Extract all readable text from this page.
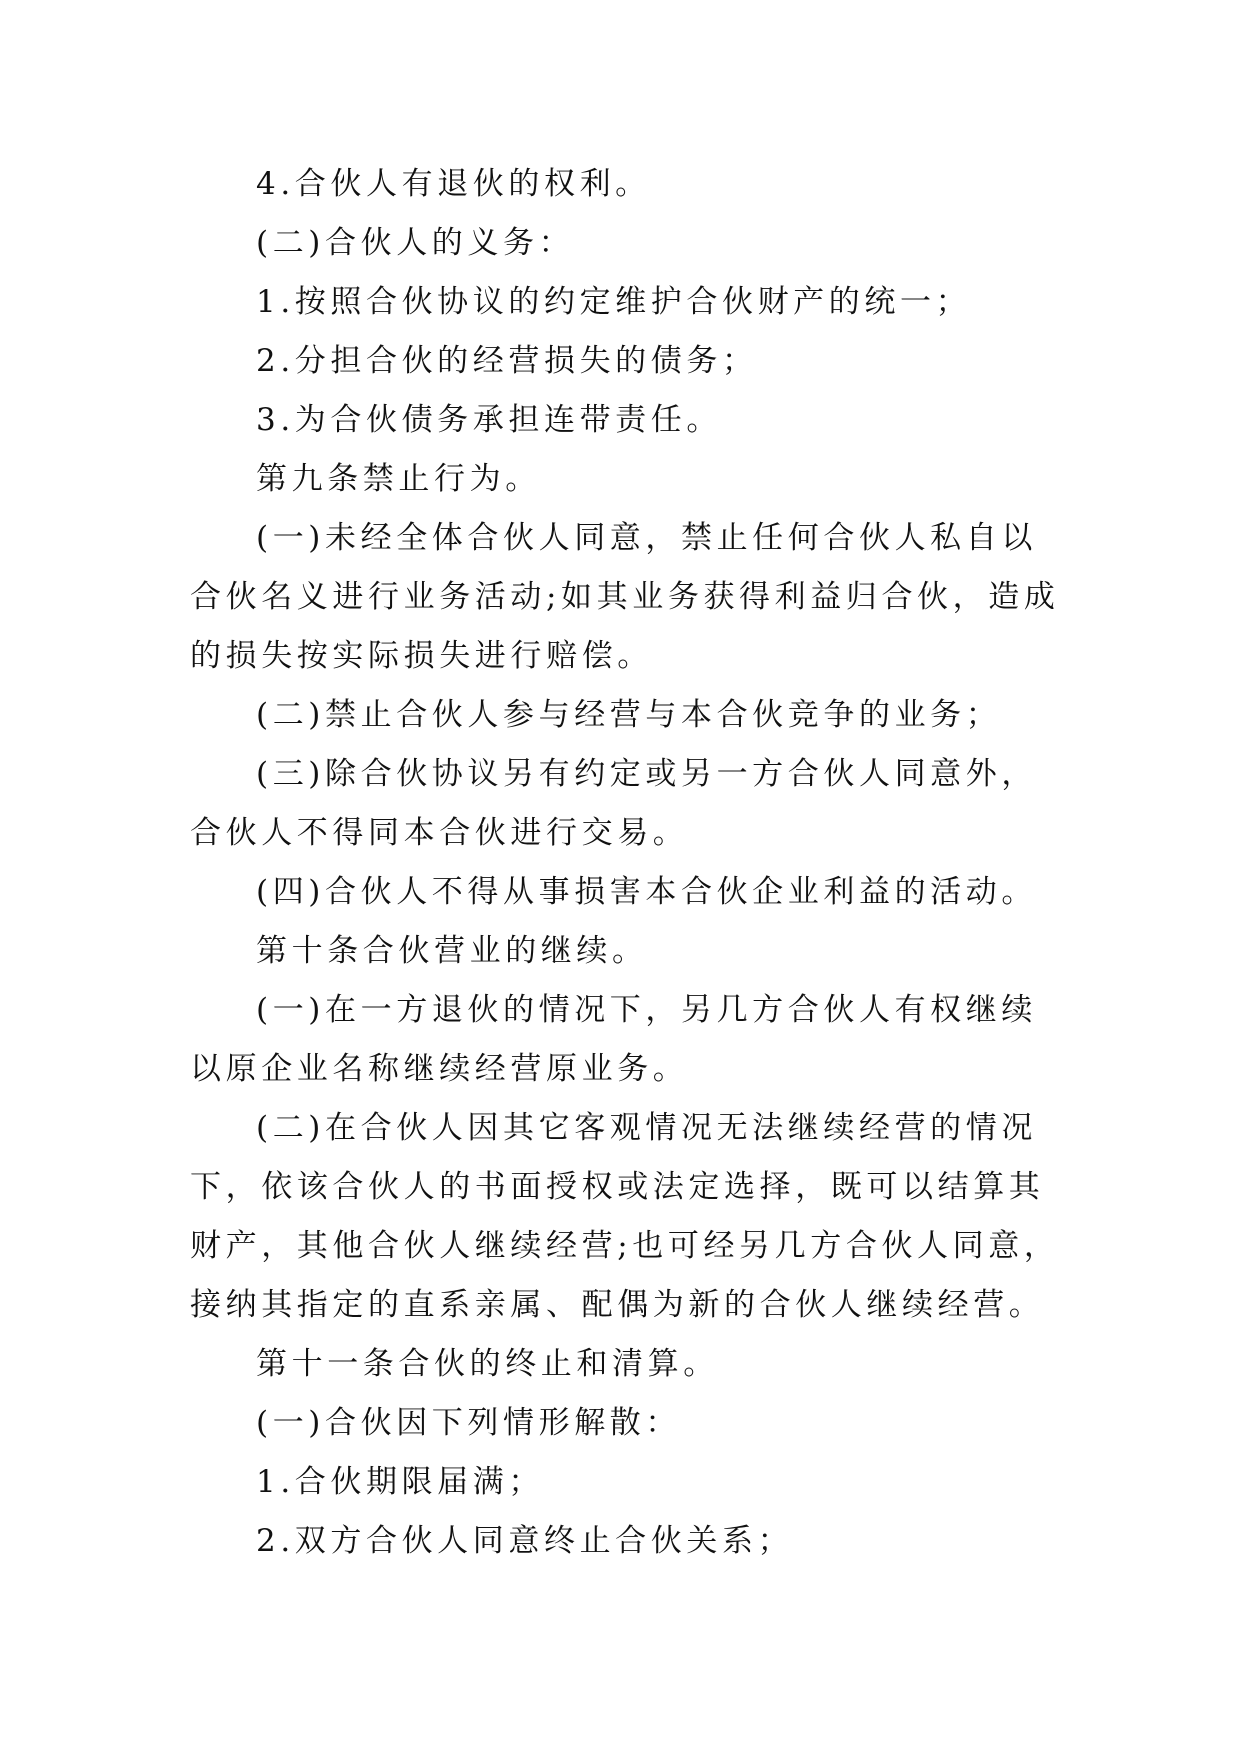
4.合伙人有退伙的权利。

(二)合伙人的义务：

1.按照合伙协议的约定维护合伙财产的统一；

2.分担合伙的经营损失的债务；

3.为合伙债务承担连带责任。

第九条禁止行为。

(一)未经全体合伙人同意，禁止任何合伙人私自以合伙名义进行业务活动;如其业务获得利益归合伙，造成的损失按实际损失进行赔偿。

(二)禁止合伙人参与经营与本合伙竞争的业务；

(三)除合伙协议另有约定或另一方合伙人同意外，合伙人不得同本合伙进行交易。

(四)合伙人不得从事损害本合伙企业利益的活动。

第十条合伙营业的继续。

(一)在一方退伙的情况下，另几方合伙人有权继续以原企业名称继续经营原业务。

(二)在合伙人因其它客观情况无法继续经营的情况下，依该合伙人的书面授权或法定选择，既可以结算其财产，其他合伙人继续经营;也可经另几方合伙人同意，接纳其指定的直系亲属、配偶为新的合伙人继续经营。

第十一条合伙的终止和清算。

(一)合伙因下列情形解散：

1.合伙期限届满；

2.双方合伙人同意终止合伙关系；
